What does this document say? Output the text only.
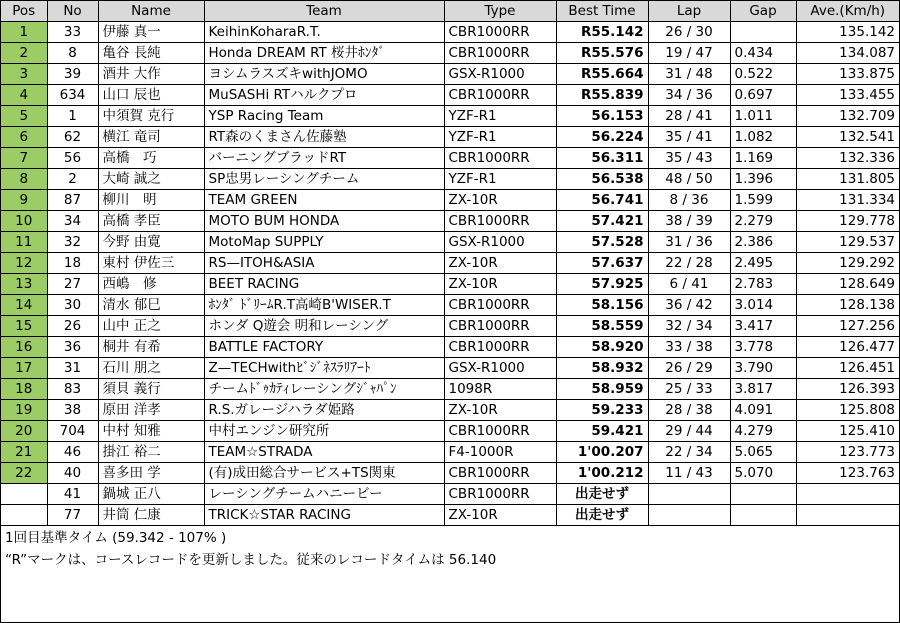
Pos	No	Name	Team	Type	Best Time	Lap	Gap	Ave.(Km/h)
1	33	伊藤 真一	KeihinKoharaR.T.	CBR1000RR	R55.142	26 / 30		135.142
2	8	亀谷 長純	Honda DREAM RT 桜井ﾎﾝﾀﾞ	CBR1000RR	R55.576	19 / 47	0.434	134.087
3	39	酒井 大作	ヨシムラスズキwithJOMO	GSX-R1000	R55.664	31 / 48	0.522	133.875
4	634	山口 辰也	MuSASHi RTハルクプロ	CBR1000RR	R55.839	34 / 36	0.697	133.455
5	1	中須賀 克行	YSP Racing Team	YZF-R1	56.153	28 / 41	1.011	132.709
6	62	横江 竜司	RT森のくまさん佐藤塾	YZF-R1	56.224	35 / 41	1.082	132.541
7	56	高橋　巧	バーニングブラッドRT	CBR1000RR	56.311	35 / 43	1.169	132.336
8	2	大崎 誠之	SP忠男レーシングチーム	YZF-R1	56.538	48 / 50	1.396	131.805
9	87	柳川　明	TEAM GREEN	ZX-10R	56.741	8 / 36	1.599	131.334
10	34	高橋 孝臣	MOTO BUM HONDA	CBR1000RR	57.421	38 / 39	2.279	129.778
11	32	今野 由寛	MotoMap SUPPLY	GSX-R1000	57.528	31 / 36	2.386	129.537
12	18	東村 伊佐三	RS—ITOH&ASIA	ZX-10R	57.637	22 / 28	2.495	129.292
13	27	西嶋　修	BEET RACING	ZX-10R	57.925	6 / 41	2.783	128.649
14	30	清水 郁巳	ﾎﾝﾀﾞ ﾄﾞﾘｰﾑR.T高崎B'WISER.T	CBR1000RR	58.156	36 / 42	3.014	128.138
15	26	山中 正之	ホンダ Q遊会 明和レーシング	CBR1000RR	58.559	32 / 34	3.417	127.256
16	36	桐井 有希	BATTLE FACTORY	CBR1000RR	58.920	33 / 38	3.778	126.477
17	31	石川 朋之	Z—TECHwithﾋﾞｼﾞﾈｽﾗﾘｱｰﾄ	GSX-R1000	58.932	26 / 29	3.790	126.451
18	83	須貝 義行	チームﾄﾞｩｶﾃｨレーシングｼﾞｬﾊﾟﾝ	1098R	58.959	25 / 33	3.817	126.393
19	38	原田 洋孝	R.S.ガレージハラダ姫路	ZX-10R	59.233	28 / 38	4.091	125.808
20	704	中村 知雅	中村エンジン研究所	CBR1000RR	59.421	29 / 44	4.279	125.410
21	46	掛江 裕二	TEAM☆STRADA	F4-1000R	1'00.207	22 / 34	5.065	123.773
22	40	喜多田 学	(有)成田総合サービス+TS関東	CBR1000RR	1'00.212	11 / 43	5.070	123.763
	41	鍋城 正八	レーシングチームハニービー	CBR1000RR	出走せず			
	77	井筒 仁康	TRICK☆STAR RACING	ZX-10R	出走せず			
1回目基準タイム (59.342 - 107% )
“R”マークは、コースレコードを更新しました。従来のレコードタイムは 56.140
